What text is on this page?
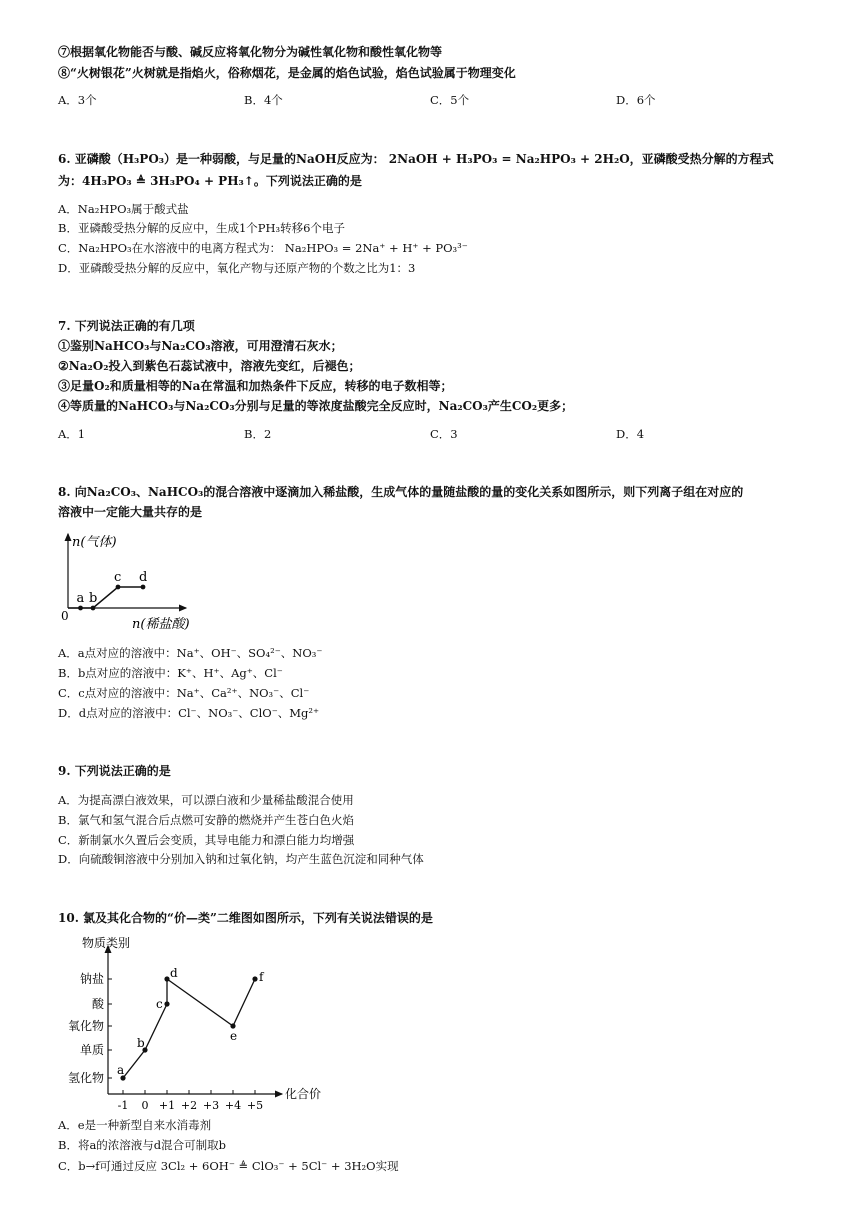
⑦根据氧化物能否与酸、碱反应将氧化物分为碱性氧化物和酸性氧化物等
⑧“火树银花”火树就是指焰火，俗称烟花，是金属的焰色试验，焰色试验属于物理变化
A．3个	B．4个	C．5个	D．6个
6. 亚磷酸（H₃PO₃）是一种弱酸，与足量的NaOH反应为： 2NaOH + H₃PO₃ = Na₂HPO₃ + 2H₂O，亚磷酸受热分解的方程式
为：4H₃PO₃ ≜ 3H₃PO₄ + PH₃↑。下列说法正确的是
A．Na₂HPO₃属于酸式盐
B．亚磷酸受热分解的反应中，生成1个PH₃转移6个电子
C．Na₂HPO₃在水溶液中的电离方程式为： Na₂HPO₃ = 2Na⁺ + H⁺ + PO₃³⁻
D．亚磷酸受热分解的反应中，氧化产物与还原产物的个数之比为1：3
7. 下列说法正确的有几项
①鉴别NaHCO₃与Na₂CO₃溶液，可用澄清石灰水；
②Na₂O₂投入到紫色石蕊试液中，溶液先变红，后褪色；
③足量O₂和质量相等的Na在常温和加热条件下反应，转移的电子数相等；
④等质量的NaHCO₃与Na₂CO₃分别与足量的等浓度盐酸完全反应时，Na₂CO₃产生CO₂更多；
A．1	B．2	C．3	D．4
8. 向Na₂CO₃、NaHCO₃的混合溶液中逐滴加入稀盐酸，生成气体的量随盐酸的量的变化关系如图所示，则下列离子组在对应的
溶液中一定能大量共存的是
n(气体)
n(稀盐酸)
0
a b
c d
A．a点对应的溶液中：Na⁺、OH⁻、SO₄²⁻、NO₃⁻
B．b点对应的溶液中：K⁺、H⁺、Ag⁺、Cl⁻
C．c点对应的溶液中：Na⁺、Ca²⁺、NO₃⁻、Cl⁻
D．d点对应的溶液中：Cl⁻、NO₃⁻、ClO⁻、Mg²⁺
9. 下列说法正确的是
A．为提高漂白液效果，可以漂白液和少量稀盐酸混合使用
B．氯气和氢气混合后点燃可安静的燃烧并产生苍白色火焰
C．新制氯水久置后会变质，其导电能力和漂白能力均增强
D．向硫酸铜溶液中分别加入钠和过氧化钠，均产生蓝色沉淀和同种气体
10. 氯及其化合物的“价—类”二维图如图所示，下列有关说法错误的是
物质类别
化合价
氢化物
单质
氧化物
酸
钠盐
-1 0 +1 +2 +3 +4 +5
a
b
c
d
e
f
A．e是一种新型自来水消毒剂
B．将a的浓溶液与d混合可制取b
C．b→f可通过反应 3Cl₂ + 6OH⁻ ≜ ClO₃⁻ + 5Cl⁻ + 3H₂O实现
